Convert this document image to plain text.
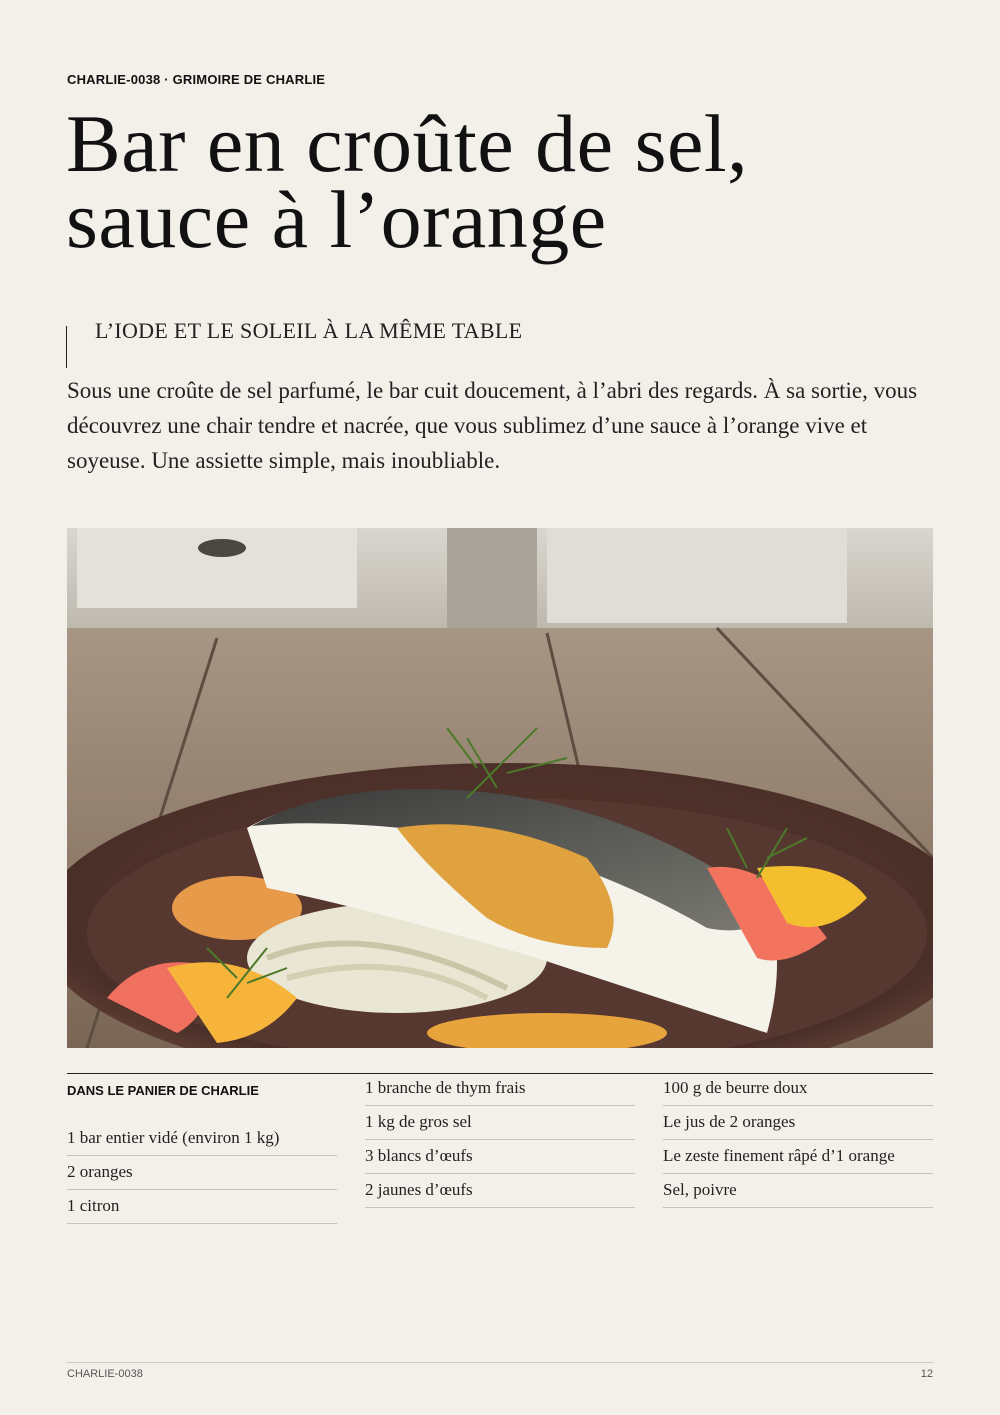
CHARLIE-0038 · GRIMOIRE DE CHARLIE
Bar en croûte de sel,
sauce à l’orange
L’IODE ET LE SOLEIL À LA MÊME TABLE

Sous une croûte de sel parfumé, le bar cuit doucement, à l’abri des regards. À sa sortie, vous découvrez une chair tendre et nacrée, que vous sublimez d’une sauce à l’orange vive et soyeuse. Une assiette simple, mais inoubliable.

DANS LE PANIER DE CHARLIE
1 bar entier vidé (environ 1 kg)
2 oranges
1 citron
1 branche de thym frais
1 kg de gros sel
3 blancs d’œufs
2 jaunes d’œufs
100 g de beurre doux
Le jus de 2 oranges
Le zeste finement râpé d’1 orange
Sel, poivre
CHARLIE-0038	12
